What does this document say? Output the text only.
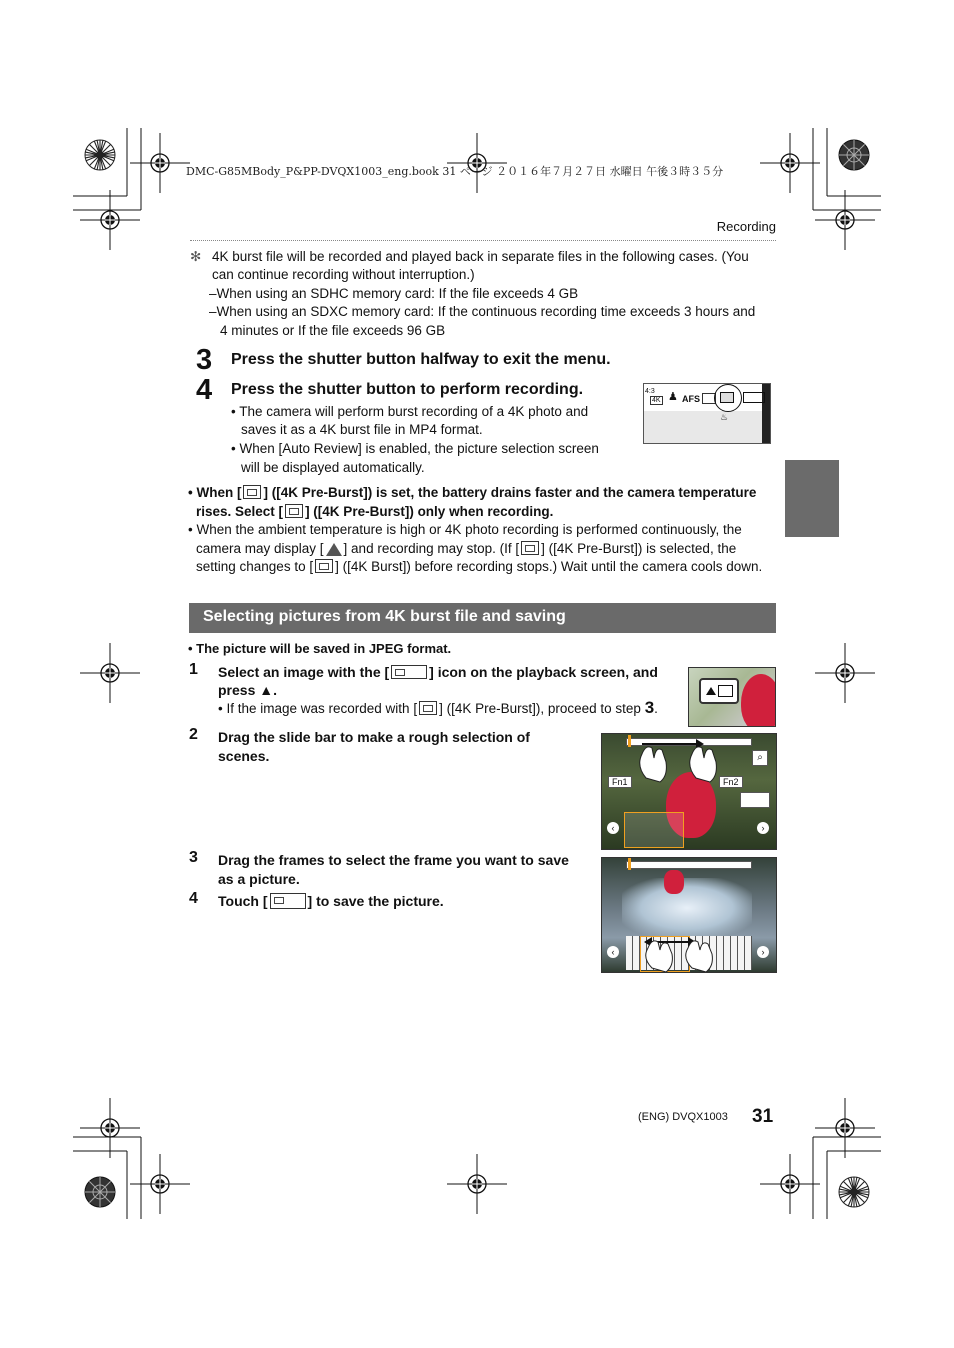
DMC-G85MBody_P&PP-DVQX1003_eng.book 31 ページ ２０１６年７月２７日 水曜日 午後３時３５分
Recording
✻ 4K burst file will be recorded and played back in separate files in the following cases. (You
can continue recording without interruption.)
–When using an SDHC memory card: If the file exceeds 4 GB
–When using an SDXC memory card: If the continuous recording time exceeds 3 hours and
4 minutes or If the file exceeds 96 GB
3 Press the shutter button halfway to exit the menu.
4 Press the shutter button to perform recording.
• The camera will perform burst recording of a 4K photo and
saves it as a 4K burst file in MP4 format.
• When [Auto Review] is enabled, the picture selection screen
will be displayed automatically.
4:3
4K ♟ AFS
♨
• When [ ] ([4K Pre-Burst]) is set, the battery drains faster and the camera temperature
rises. Select [ ] ([4K Pre-Burst]) only when recording.
• When the ambient temperature is high or 4K photo recording is performed continuously, the
camera may display [ ] and recording may stop. (If [ ] ([4K Pre-Burst]) is selected, the
setting changes to [ ] ([4K Burst]) before recording stops.) Wait until the camera cools down.
Selecting pictures from 4K burst file and saving
• The picture will be saved in JPEG format.
1 Select an image with the [	] icon on the playback screen, and
press ▲.
• If the image was recorded with [ ] ([4K Pre-Burst]), proceed to step 3.
2 Drag the slide bar to make a rough selection of
scenes.
3 Drag the frames to select the frame you want to save
as a picture.
4 Touch [	] to save the picture.
Fn1	Fn2
⌕
‹	›
‹	›
(ENG) DVQX1003 31
